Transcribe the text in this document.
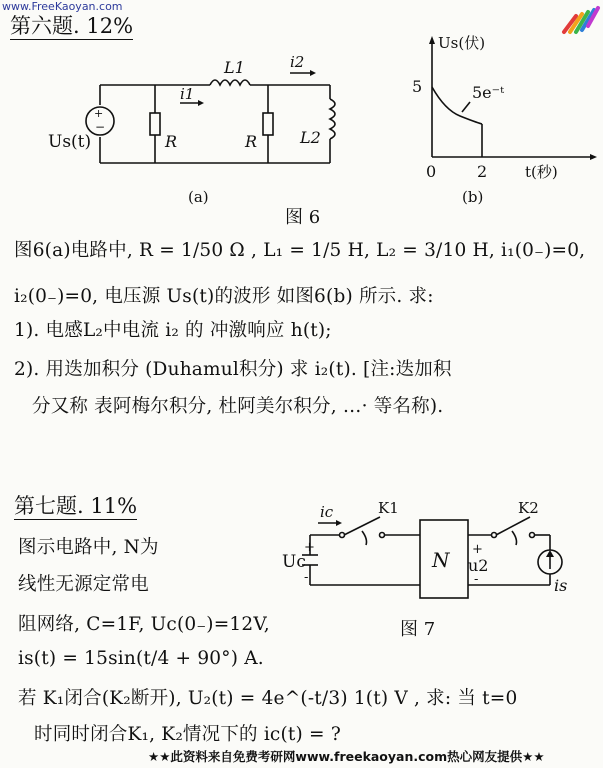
www.FreeKaoyan.com
第六题. 12%
+
−
Us(t)
L1
i1
i2
R	R	L2
Us(伏)
t(秒)
5
0	2
5e⁻ᵗ
(a)	(b)
图 6
图6(a)电路中, R = 1/50 Ω , L₁ = 1/5 H, L₂ = 3/10 H, i₁(0₋)=0,
i₂(0₋)=0, 电压源 Us(t)的波形 如图6(b) 所示. 求:
1). 电感L₂中电流 i₂ 的 冲激响应 h(t);
2). 用迭加积分 (Duhamul积分) 求 i₂(t). [注:迭加积
分又称 表阿梅尔积分, 杜阿美尔积分, …· 等名称).
第七题. 11%	ic	K1	K2
Uc
+
-
N +
u2
-	is
图 7
图示电路中, N为
线性无源定常电
阻网络, C=1F, Uc(0₋)=12V,
is(t) = 15sin(t/4 + 90°) A.
若 K₁闭合(K₂断开), U₂(t) = 4e^(-t/3) 1(t) V , 求: 当 t=0
时同时闭合K₁, K₂情况下的 ic(t) = ?
★★此资料来自免费考研网www.freekaoyan.com热心网友提供★★
